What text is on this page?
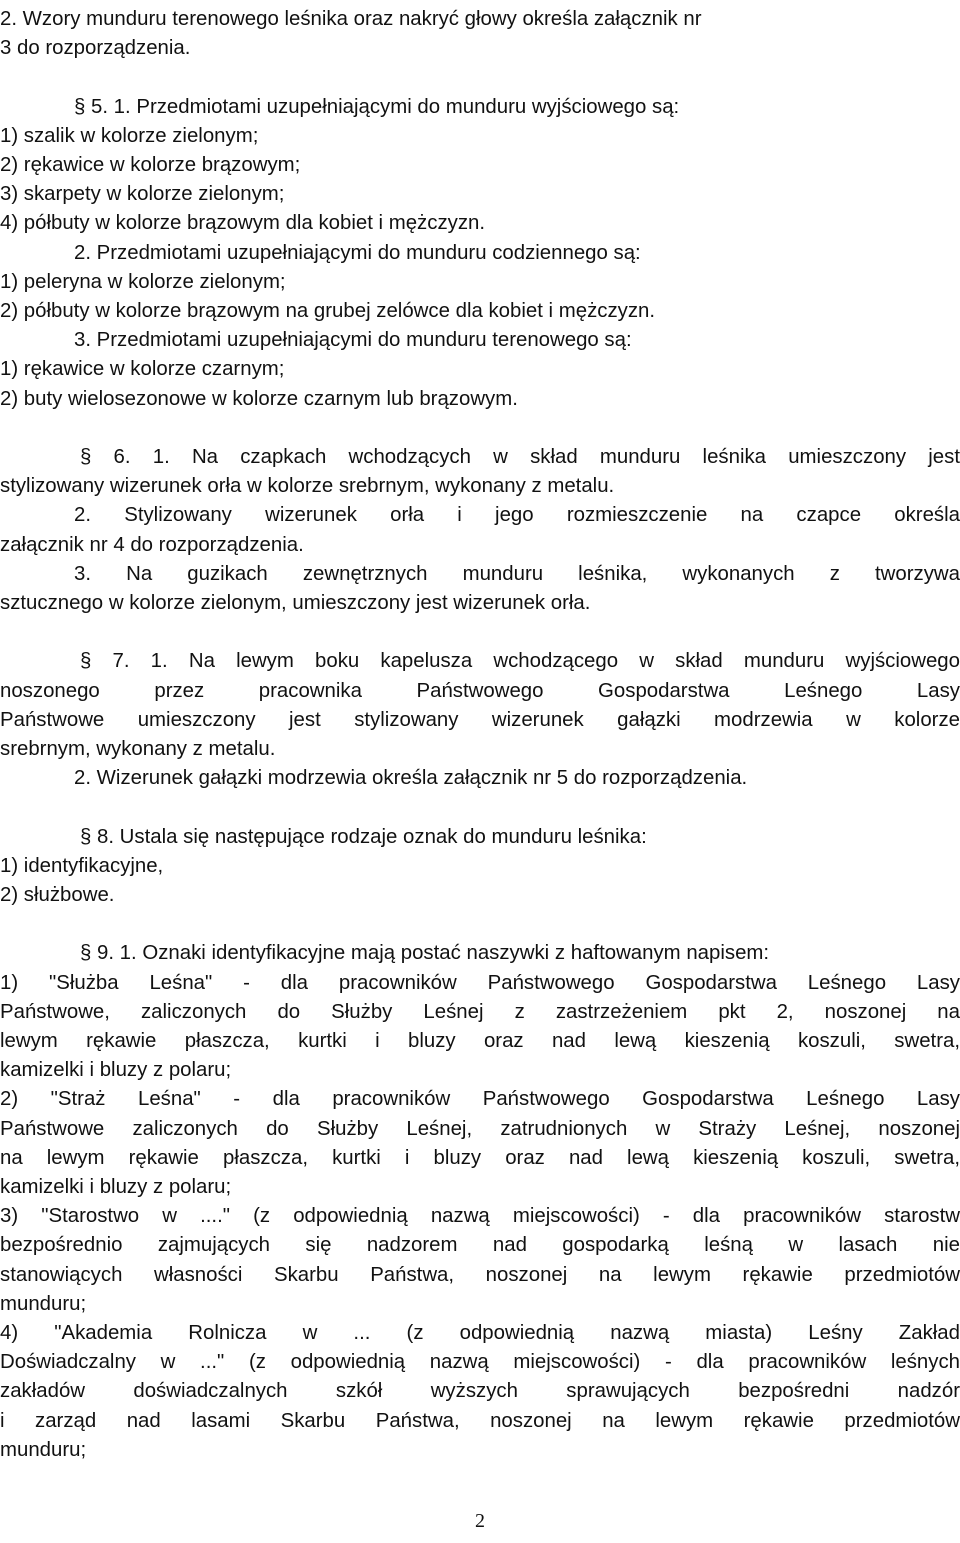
2. Wzory munduru terenowego leśnika oraz nakryć głowy określa załącznik nr
3 do rozporządzenia.
§ 5. 1. Przedmiotami uzupełniającymi do munduru wyjściowego są:
1) szalik w kolorze zielonym;
2) rękawice w kolorze brązowym;
3) skarpety w kolorze zielonym;
4) półbuty w kolorze brązowym dla kobiet i mężczyzn.
2. Przedmiotami uzupełniającymi do munduru codziennego są:
1) peleryna w kolorze zielonym;
2) półbuty w kolorze brązowym na grubej zelówce dla kobiet i mężczyzn.
3. Przedmiotami uzupełniającymi do munduru terenowego są:
1) rękawice w kolorze czarnym;
2) buty wielosezonowe w kolorze czarnym lub brązowym.
§ 6. 1. Na czapkach wchodzących w skład munduru leśnika umieszczony jest
stylizowany wizerunek orła w kolorze srebrnym, wykonany z metalu.
2. Stylizowany wizerunek orła i jego rozmieszczenie na czapce określa
załącznik nr 4 do rozporządzenia.
3. Na guzikach zewnętrznych munduru leśnika, wykonanych z tworzywa
sztucznego w kolorze zielonym, umieszczony jest wizerunek orła.
§ 7. 1. Na lewym boku kapelusza wchodzącego w skład munduru wyjściowego
noszonego przez pracownika Państwowego Gospodarstwa Leśnego Lasy
Państwowe umieszczony jest stylizowany wizerunek gałązki modrzewia w kolorze
srebrnym, wykonany z metalu.
2. Wizerunek gałązki modrzewia określa załącznik nr 5 do rozporządzenia.
§ 8. Ustala się następujące rodzaje oznak do munduru leśnika:
1) identyfikacyjne,
2) służbowe.
§ 9. 1. Oznaki identyfikacyjne mają postać naszywki z haftowanym napisem:
1) "Służba Leśna" - dla pracowników Państwowego Gospodarstwa Leśnego Lasy
Państwowe, zaliczonych do Służby Leśnej z zastrzeżeniem pkt 2, noszonej na
lewym rękawie płaszcza, kurtki i bluzy oraz nad lewą kieszenią koszuli, swetra,
kamizelki i bluzy z polaru;
2) "Straż Leśna" - dla pracowników Państwowego Gospodarstwa Leśnego Lasy
Państwowe zaliczonych do Służby Leśnej, zatrudnionych w Straży Leśnej, noszonej
na lewym rękawie płaszcza, kurtki i bluzy oraz nad lewą kieszenią koszuli, swetra,
kamizelki i bluzy z polaru;
3) "Starostwo w ...." (z odpowiednią nazwą miejscowości) - dla pracowników starostw
bezpośrednio zajmujących się nadzorem nad gospodarką leśną w lasach nie
stanowiących własności Skarbu Państwa, noszonej na lewym rękawie przedmiotów
munduru;
4) "Akademia Rolnicza w ... (z odpowiednią nazwą miasta) Leśny Zakład
Doświadczalny w ..." (z odpowiednią nazwą miejscowości) - dla pracowników leśnych
zakładów doświadczalnych szkół wyższych sprawujących bezpośredni nadzór
i zarząd nad lasami Skarbu Państwa, noszonej na lewym rękawie przedmiotów
munduru;
2
